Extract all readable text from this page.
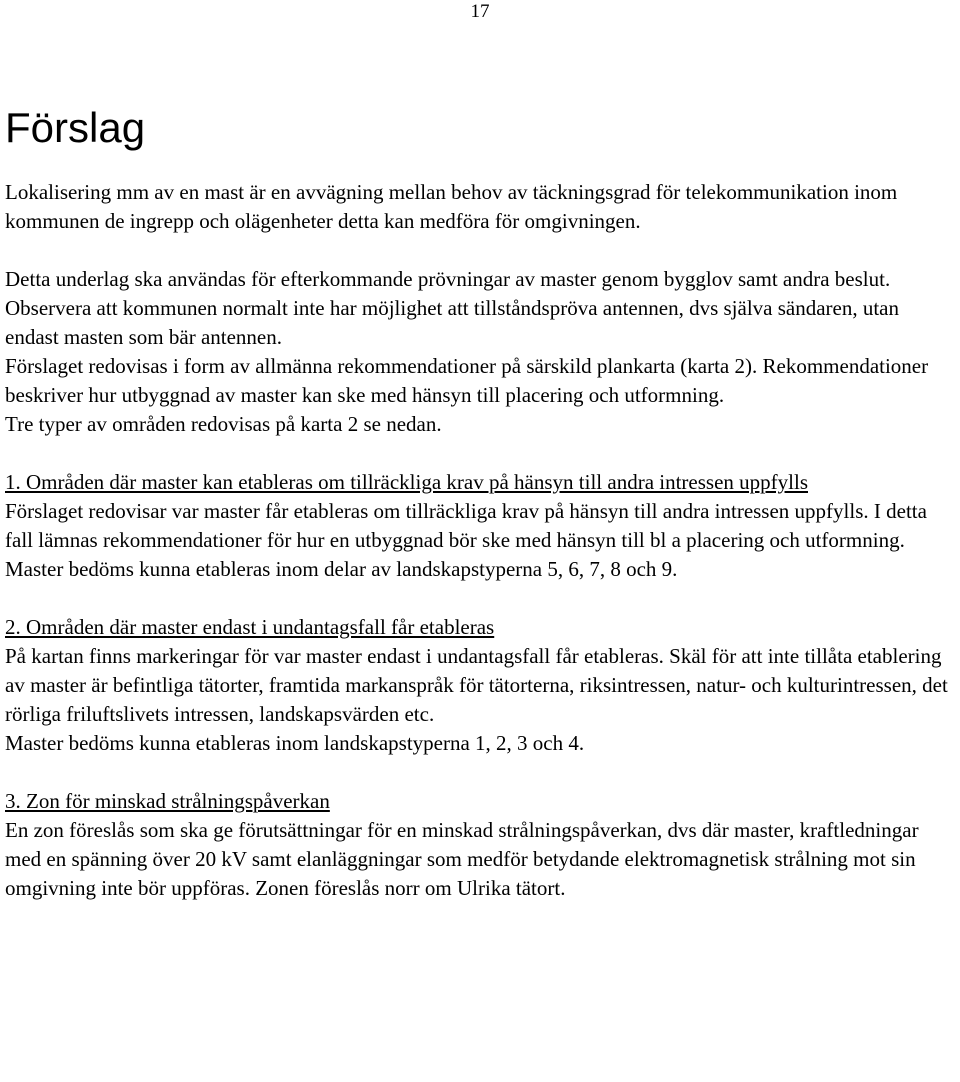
17
Förslag

Lokalisering mm av en mast är en avvägning mellan behov av täckningsgrad för telekommunikation inom kommunen de ingrepp och olägenheter detta kan medföra för omgivningen.

Detta underlag ska användas för efterkommande prövningar av master genom bygglov samt andra beslut. Observera att kommunen normalt inte har möjlighet att tillståndspröva antennen, dvs själva sändaren, utan endast masten som bär antennen.

Förslaget redovisas i form av allmänna rekommendationer på särskild plankarta (karta 2). Rekommendationer beskriver hur utbyggnad av master kan ske med hänsyn till placering och utformning.

Tre typer av områden redovisas på karta 2 se nedan.

1. Områden där master kan etableras om tillräckliga krav på hänsyn till andra intressen uppfylls

Förslaget redovisar var master får etableras om tillräckliga krav på hänsyn till andra intressen uppfylls. I detta fall lämnas rekommendationer för hur en utbyggnad bör ske med hänsyn till bl a placering och utformning.

Master bedöms kunna etableras inom delar av landskapstyperna 5, 6, 7, 8 och 9.

2. Områden där master endast i undantagsfall får etableras

På kartan finns markeringar för var master endast i undantagsfall får etableras. Skäl för att inte tillåta etablering av master är befintliga tätorter, framtida markanspråk för tätorterna, riksintressen, natur- och kulturintressen, det rörliga friluftslivets intressen, landskapsvärden etc.

Master bedöms kunna etableras inom landskapstyperna 1, 2, 3 och 4.

3. Zon för minskad strålningspåverkan

En zon föreslås som ska ge förutsättningar för en minskad strålningspåverkan, dvs där master, kraftledningar med en spänning över 20 kV samt elanläggningar som medför betydande elektromagnetisk strålning mot sin omgivning inte bör uppföras. Zonen föreslås norr om Ulrika tätort.
